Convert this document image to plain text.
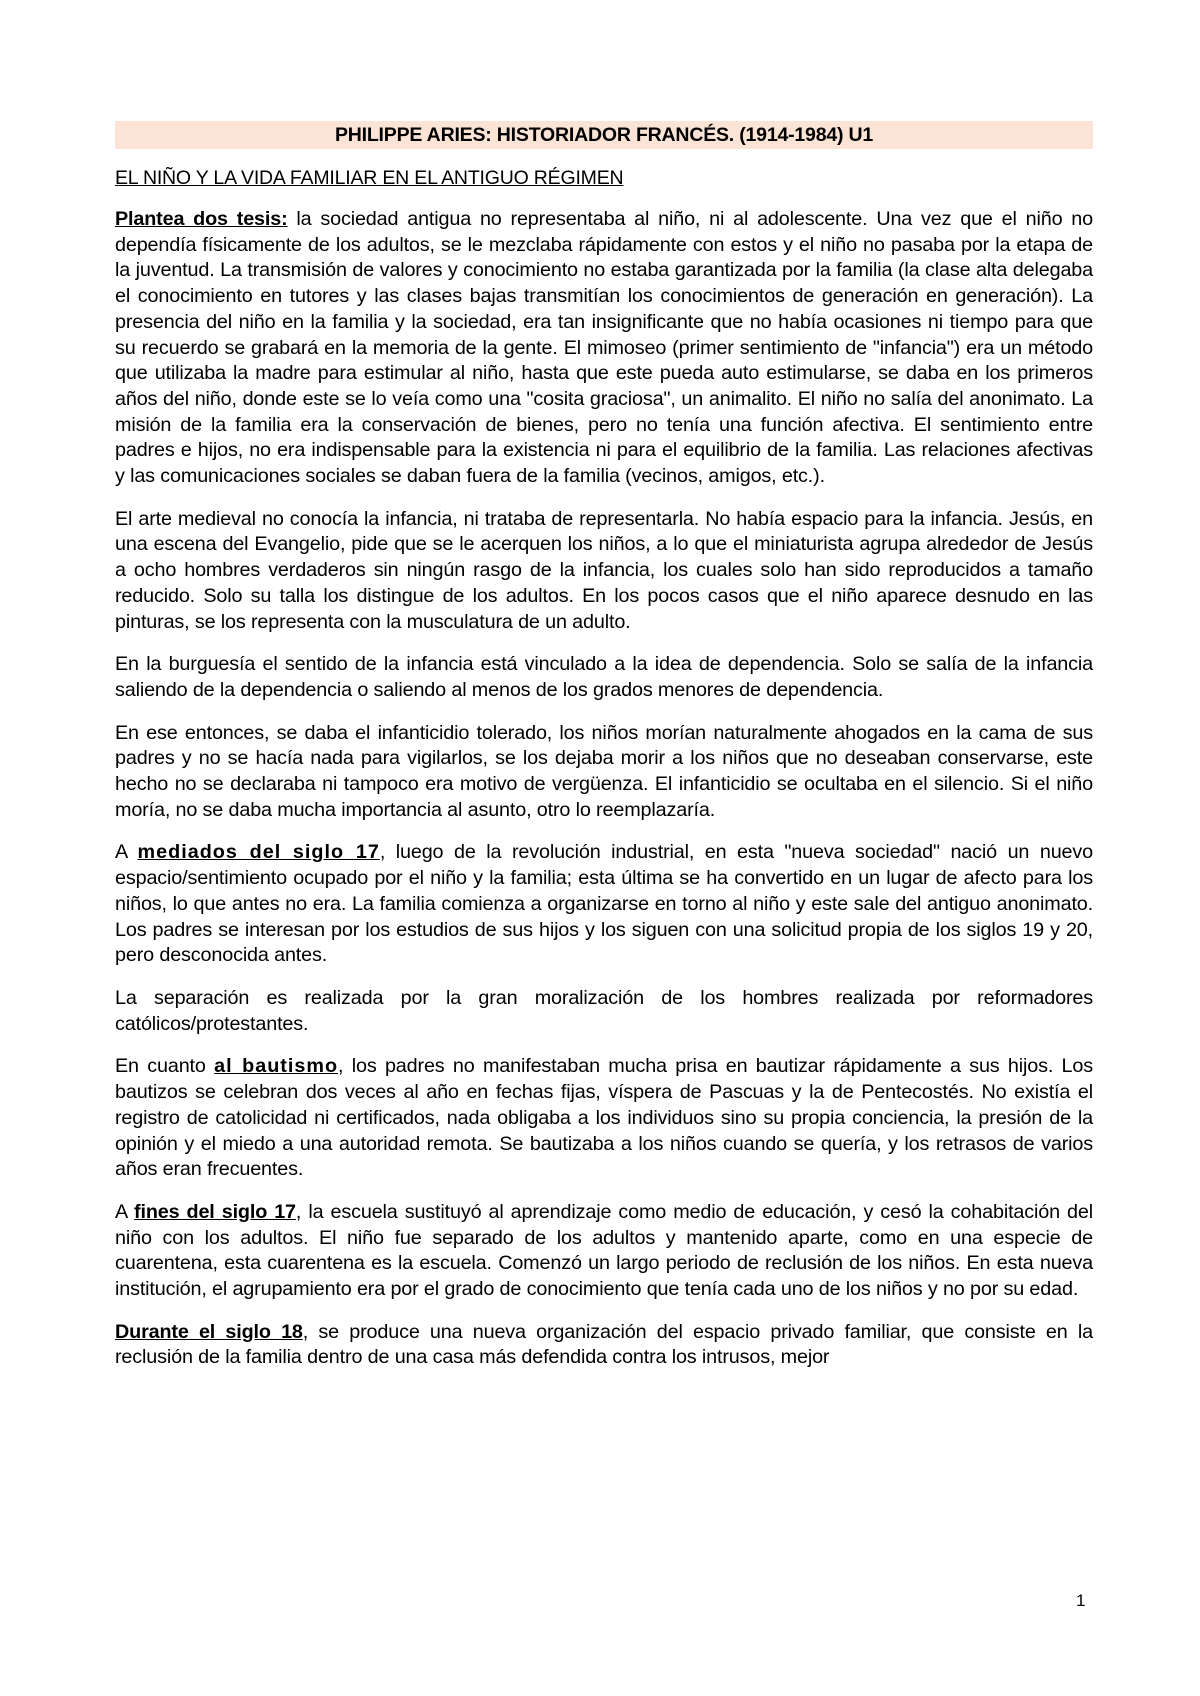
PHILIPPE ARIES: HISTORIADOR FRANCÉS. (1914-1984) U1
EL NIÑO Y LA VIDA FAMILIAR EN EL ANTIGUO RÉGIMEN

Plantea dos tesis: la sociedad antigua no representaba al niño, ni al adolescente. Una vez que el niño no dependía físicamente de los adultos, se le mezclaba rápidamente con estos y el niño no pasaba por la etapa de la juventud. La transmisión de valores y conocimiento no estaba garantizada por la familia (la clase alta delegaba el conocimiento en tutores y las clases bajas transmitían los conocimientos de generación en generación). La presencia del niño en la familia y la sociedad, era tan insignificante que no había ocasiones ni tiempo para que su recuerdo se grabará en la memoria de la gente. El mimoseo (primer sentimiento de "infancia") era un método que utilizaba la madre para estimular al niño, hasta que este pueda auto estimularse, se daba en los primeros años del niño, donde este se lo veía como una "cosita graciosa", un animalito. El niño no salía del anonimato. La misión de la familia era la conservación de bienes, pero no tenía una función afectiva. El sentimiento entre padres e hijos, no era indispensable para la existencia ni para el equilibrio de la familia. Las relaciones afectivas y las comunicaciones sociales se daban fuera de la familia (vecinos, amigos, etc.).

El arte medieval no conocía la infancia, ni trataba de representarla. No había espacio para la infancia. Jesús, en una escena del Evangelio, pide que se le acerquen los niños, a lo que el miniaturista agrupa alrededor de Jesús a ocho hombres verdaderos sin ningún rasgo de la infancia, los cuales solo han sido reproducidos a tamaño reducido. Solo su talla los distingue de los adultos. En los pocos casos que el niño aparece desnudo en las pinturas, se los representa con la musculatura de un adulto.

En la burguesía el sentido de la infancia está vinculado a la idea de dependencia. Solo se salía de la infancia saliendo de la dependencia o saliendo al menos de los grados menores de dependencia.

En ese entonces, se daba el infanticidio tolerado, los niños morían naturalmente ahogados en la cama de sus padres y no se hacía nada para vigilarlos, se los dejaba morir a los niños que no deseaban conservarse, este hecho no se declaraba ni tampoco era motivo de vergüenza. El infanticidio se ocultaba en el silencio. Si el niño moría, no se daba mucha importancia al asunto, otro lo reemplazaría.

A mediados del siglo 17, luego de la revolución industrial, en esta "nueva sociedad" nació un nuevo espacio/sentimiento ocupado por el niño y la familia; esta última se ha convertido en un lugar de afecto para los niños, lo que antes no era. La familia comienza a organizarse en torno al niño y este sale del antiguo anonimato. Los padres se interesan por los estudios de sus hijos y los siguen con una solicitud propia de los siglos 19 y 20, pero desconocida antes.

La separación es realizada por la gran moralización de los hombres realizada por reformadores católicos/protestantes.

En cuanto al bautismo, los padres no manifestaban mucha prisa en bautizar rápidamente a sus hijos. Los bautizos se celebran dos veces al año en fechas fijas, víspera de Pascuas y la de Pentecostés. No existía el registro de catolicidad ni certificados, nada obligaba a los individuos sino su propia conciencia, la presión de la opinión y el miedo a una autoridad remota. Se bautizaba a los niños cuando se quería, y los retrasos de varios años eran frecuentes.

A fines del siglo 17, la escuela sustituyó al aprendizaje como medio de educación, y cesó la cohabitación del niño con los adultos. El niño fue separado de los adultos y mantenido aparte, como en una especie de cuarentena, esta cuarentena es la escuela. Comenzó un largo periodo de reclusión de los niños. En esta nueva institución, el agrupamiento era por el grado de conocimiento que tenía cada uno de los niños y no por su edad.

Durante el siglo 18, se produce una nueva organización del espacio privado familiar, que consiste en la reclusión de la familia dentro de una casa más defendida contra los intrusos, mejor

1
